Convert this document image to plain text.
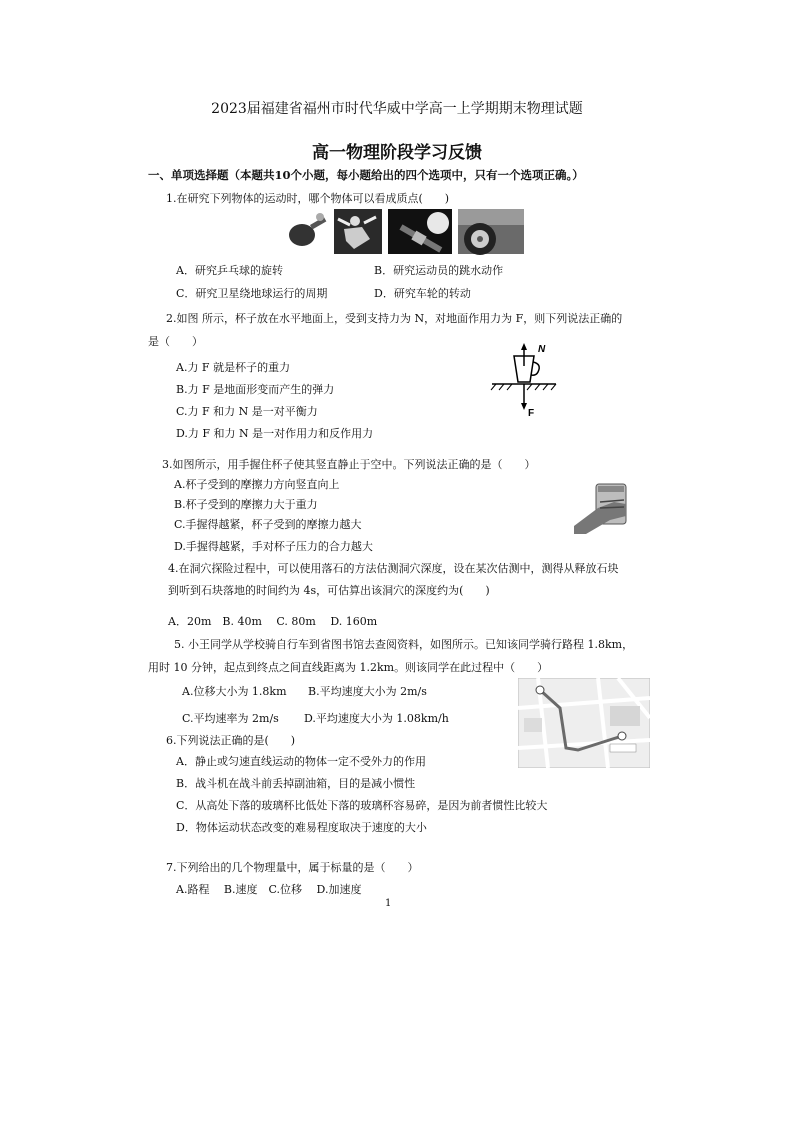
2023届福建省福州市时代华威中学高一上学期期末物理试题
高一物理阶段学习反馈
一、单项选择题（本题共10个小题，每小题给出的四个选项中，只有一个选项正确。）
1.在研究下列物体的运动时，哪个物体可以看成质点(　　)
A．研究乒乓球的旋转	B．研究运动员的跳水动作
C．研究卫星绕地球运行的周期	D．研究车轮的转动
2.如图 所示，杯子放在水平地面上，受到支持力为 N，对地面作用力为 F，则下列说法正确的
是（　　）
N
F
A.力 F 就是杯子的重力
B.力 F 是地面形变而产生的弹力
C.力 F 和力 N 是一对平衡力
D.力 F 和力 N 是一对作用力和反作用力
3.如图所示，用手握住杯子使其竖直静止于空中。下列说法正确的是（　　）
A.杯子受到的摩擦力方向竖直向上
B.杯子受到的摩擦力大于重力
C.手握得越紧，杯子受到的摩擦力越大
D.手握得越紧，手对杯子压力的合力越大
4.在洞穴探险过程中，可以使用落石的方法估测洞穴深度，设在某次估测中，测得从释放石块
到听到石块落地的时间约为 4s，可估算出该洞穴的深度约为(　　)
A．20m　B. 40m　 C. 80m　 D. 160m
5. 小王同学从学校骑自行车到省图书馆去查阅资料，如图所示。已知该同学骑行路程 1.8km，
用时 10 分钟，起点到终点之间直线距离为 1.2km。则该同学在此过程中（　　）
A.位移大小为 1.8km B.平均速度大小为 2m/s
C.平均速率为 2m/s D.平均速度大小为 1.08km/h
6.下列说法正确的是(　　)
A．静止或匀速直线运动的物体一定不受外力的作用
B．战斗机在战斗前丢掉副油箱，目的是减小惯性
C．从高处下落的玻璃杯比低处下落的玻璃杯容易碎，是因为前者惯性比较大
D．物体运动状态改变的难易程度取决于速度的大小
7.下列给出的几个物理量中，属于标量的是（　　）
A.路程　 B.速度　C.位移　 D.加速度
1
